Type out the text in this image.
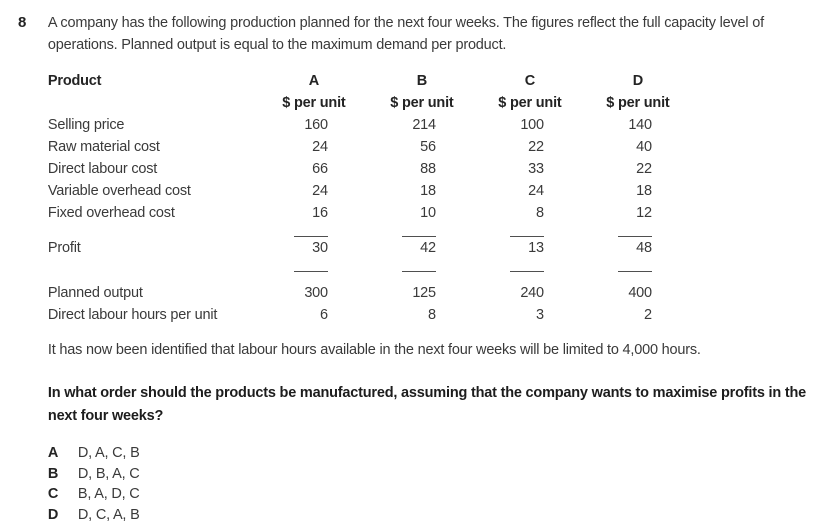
8	A company has the following production planned for the next four weeks. The figures reflect the full capacity level of
operations. Planned output is equal to the maximum demand per product.
Product	A	B	C	D
	$ per unit	$ per unit	$ per unit	$ per unit
Selling price	160	214	100	140
Raw material cost	24	56	22	40
Direct labour cost	66	88	33	22
Variable overhead cost	24	18	24	18
Fixed overhead cost	16	10	8	12

Profit	30	42	13	48

Planned output	300	125	240	400
Direct labour hours per unit	6	8	3	2

It has now been identified that labour hours available in the next four weeks will be limited to 4,000 hours.

In what order should the products be manufactured, assuming that the company wants to maximise profits in the
next four weeks?
A	D, A, C, B
B	D, B, A, C
C	B, A, D, C
D	D, C, A, B
